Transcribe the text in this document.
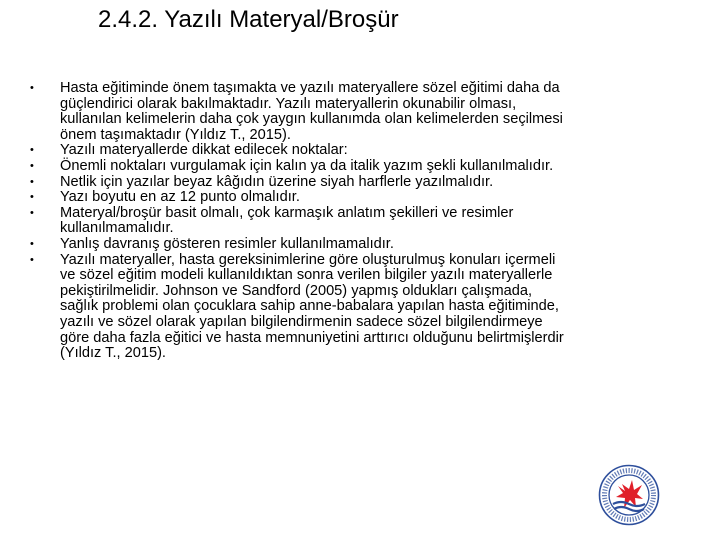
2.4.2. Yazılı Materyal/Broşür
• Hasta eğitiminde önem taşımakta ve yazılı materyallere sözel eğitimi daha da güçlendirici olarak bakılmaktadır. Yazılı materyallerin okunabilir olması, kullanılan kelimelerin daha çok yaygın kullanımda olan kelimelerden seçilmesi önem taşımaktadır (Yıldız T., 2015).
• Yazılı materyallerde dikkat edilecek noktalar:
• Önemli noktaları vurgulamak için kalın ya da italik yazım şekli kullanılmalıdır.
• Netlik için yazılar beyaz kâğıdın üzerine siyah harflerle yazılmalıdır.
• Yazı boyutu en az 12 punto olmalıdır.
• Materyal/broşür basit olmalı, çok karmaşık anlatım şekilleri ve resimler kullanılmamalıdır.
• Yanlış davranış gösteren resimler kullanılmamalıdır.
• Yazılı materyaller, hasta gereksinimlerine göre oluşturulmuş konuları içermeli ve sözel eğitim modeli kullanıldıktan sonra verilen bilgiler yazılı materyallerle pekiştirilmelidir. Johnson ve Sandford (2005) yapmış oldukları çalışmada, sağlık problemi olan çocuklara sahip anne-babalara yapılan hasta eğitiminde, yazılı ve sözel olarak yapılan bilgilendirmenin sadece sözel bilgilendirmeye göre daha fazla eğitici ve hasta memnuniyetini arttırıcı olduğunu belirtmişlerdir (Yıldız T., 2015).
